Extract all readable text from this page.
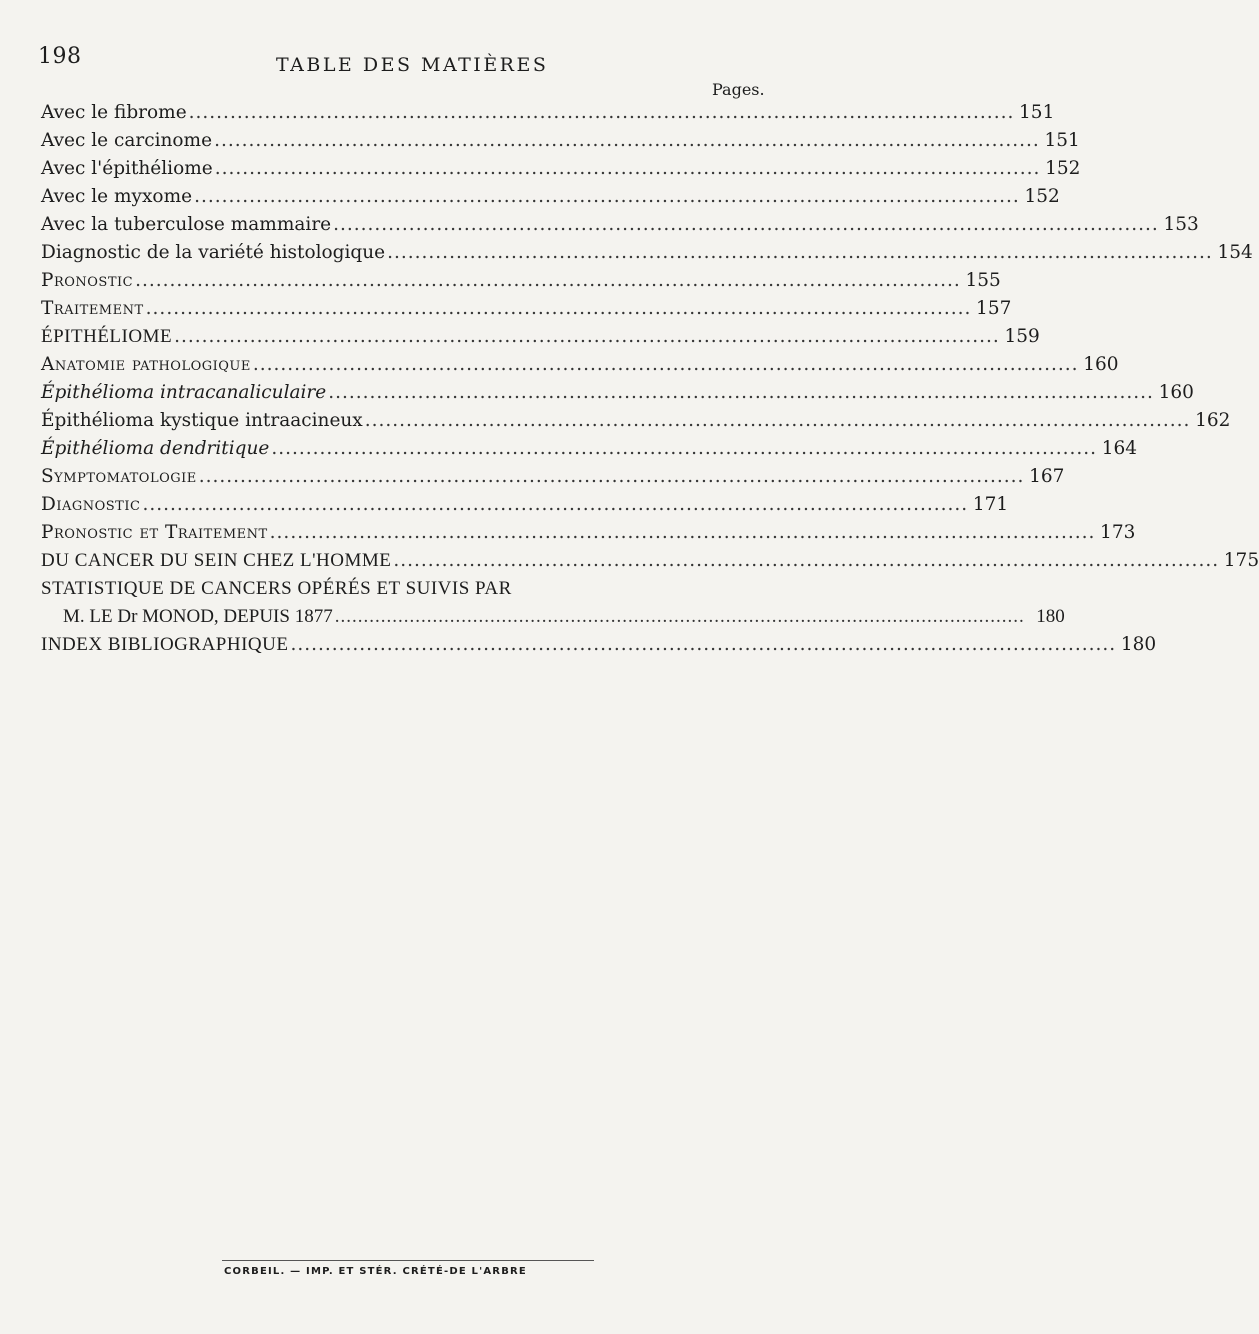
198	TABLE DES MATIÈRES
Pages.
Avec le fibrome ........................................................................................................................ 151
Avec le carcinome ........................................................................................................................ 151
Avec l'épithéliome ........................................................................................................................ 152
Avec le myxome ........................................................................................................................ 152
Avec la tuberculose mammaire ........................................................................................................................ 153
Diagnostic de la variété histologique ........................................................................................................................ 154
Pronostic ........................................................................................................................ 155
Traitement ........................................................................................................................ 157
ÉPITHÉLIOME ........................................................................................................................ 159
Anatomie pathologique ........................................................................................................................ 160
Épithélioma intracanaliculaire ........................................................................................................................ 160
Épithélioma kystique intraacineux ........................................................................................................................ 162
Épithélioma dendritique ........................................................................................................................ 164
Symptomatologie ........................................................................................................................ 167
Diagnostic ........................................................................................................................ 171
Pronostic et Traitement ........................................................................................................................ 173
DU CANCER DU SEIN CHEZ L'HOMME ........................................................................................................................ 175
STATISTIQUE DE CANCERS OPÉRÉS ET SUIVIS PAR
M. LE Dr MONOD, DEPUIS 1877 ........................................................................................................................ 180
INDEX BIBLIOGRAPHIQUE ........................................................................................................................ 180
CORBEIL. — IMP. ET STÉR. CRÉTÉ-DE L'ARBRE
